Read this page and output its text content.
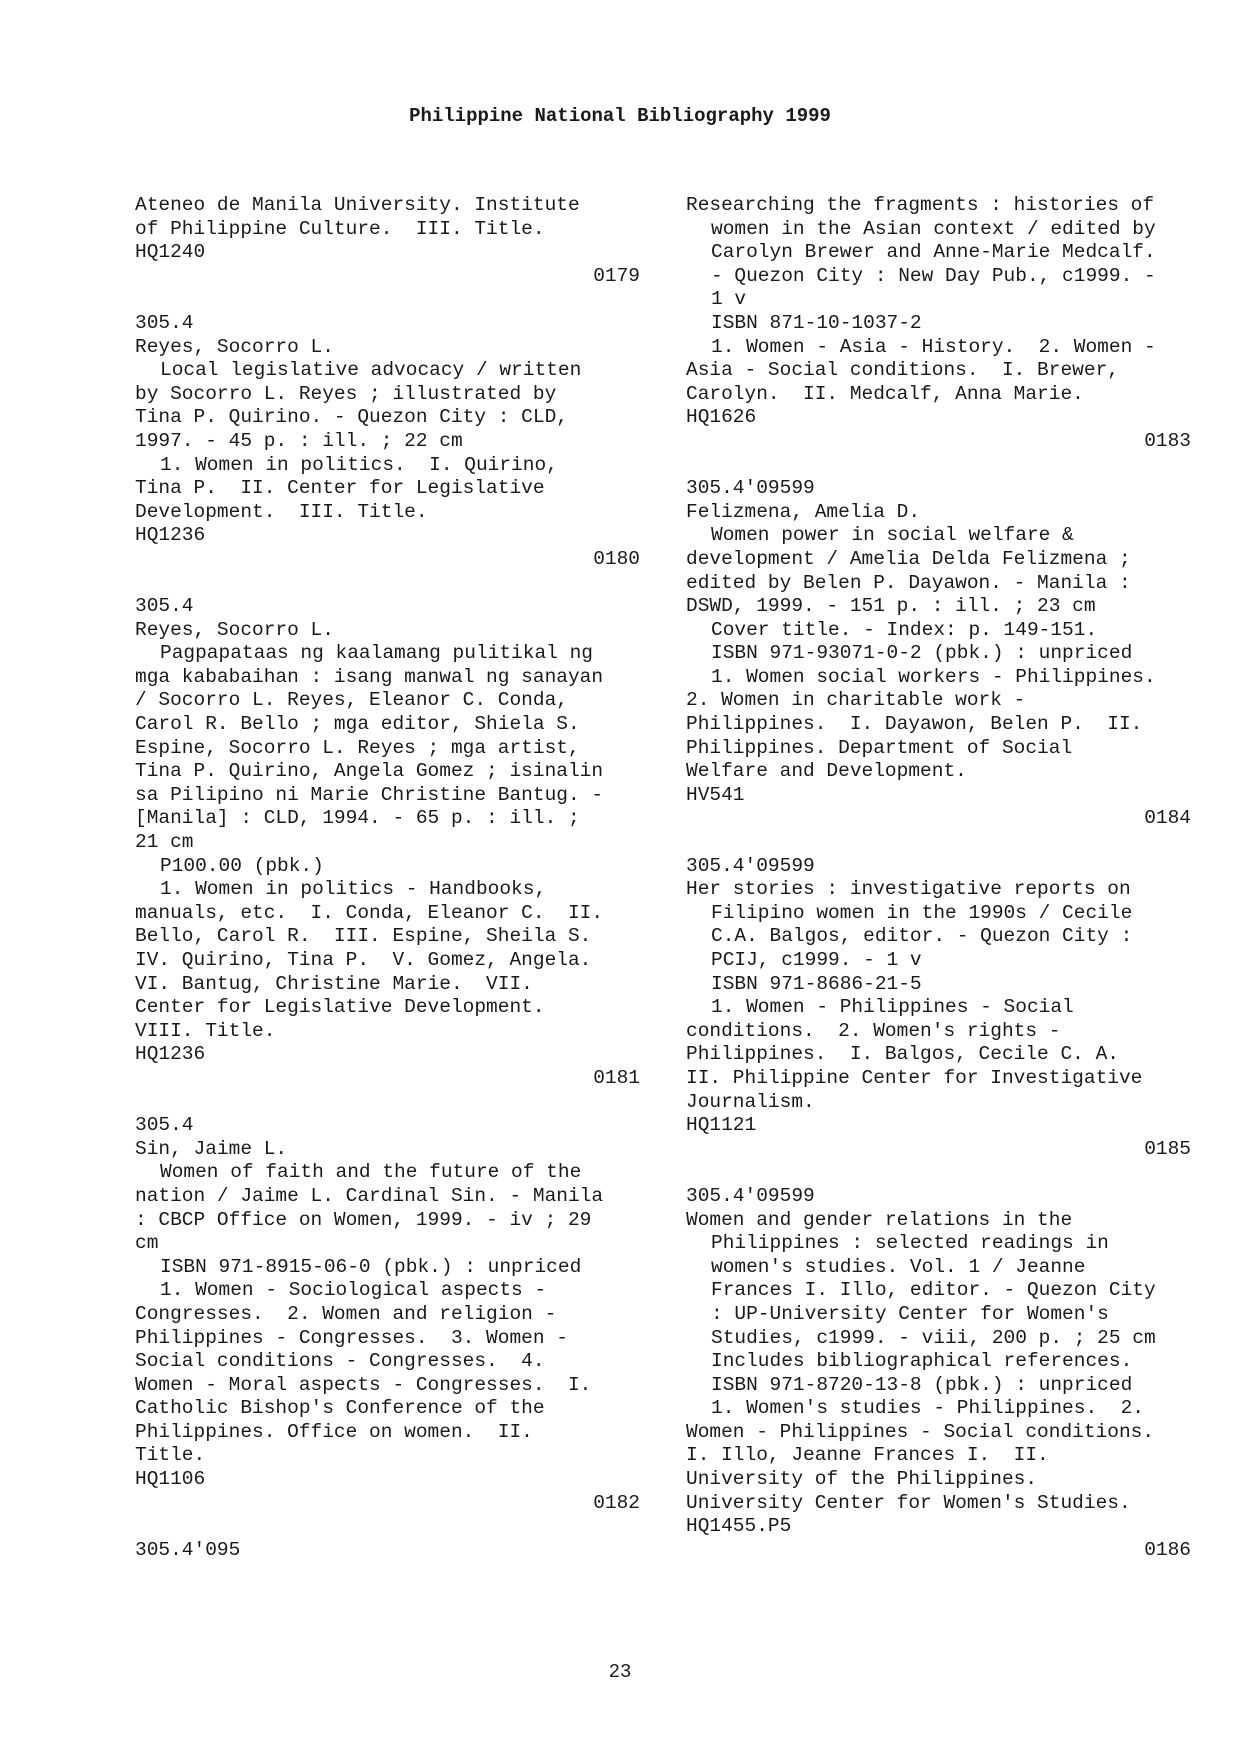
Philippine National Bibliography 1999
Ateneo de Manila University. Institute
of Philippine Culture.  III. Title.
HQ1240
0179
305.4
Reyes, Socorro L.
Local legislative advocacy / written
by Socorro L. Reyes ; illustrated by
Tina P. Quirino. - Quezon City : CLD,
1997. - 45 p. : ill. ; 22 cm
1. Women in politics.  I. Quirino,
Tina P.  II. Center for Legislative
Development.  III. Title.
HQ1236
0180
305.4
Reyes, Socorro L.
Pagpapataas ng kaalamang pulitikal ng
mga kababaihan : isang manwal ng sanayan
/ Socorro L. Reyes, Eleanor C. Conda,
Carol R. Bello ; mga editor, Shiela S.
Espine, Socorro L. Reyes ; mga artist,
Tina P. Quirino, Angela Gomez ; isinalin
sa Pilipino ni Marie Christine Bantug. -
[Manila] : CLD, 1994. - 65 p. : ill. ;
21 cm
P100.00 (pbk.)
1. Women in politics - Handbooks,
manuals, etc.  I. Conda, Eleanor C.  II.
Bello, Carol R.  III. Espine, Sheila S.
IV. Quirino, Tina P.  V. Gomez, Angela.
VI. Bantug, Christine Marie.  VII.
Center for Legislative Development.
VIII. Title.
HQ1236
0181
305.4
Sin, Jaime L.
Women of faith and the future of the
nation / Jaime L. Cardinal Sin. - Manila
: CBCP Office on Women, 1999. - iv ; 29
cm
ISBN 971-8915-06-0 (pbk.) : unpriced
1. Women - Sociological aspects -
Congresses.  2. Women and religion -
Philippines - Congresses.  3. Women -
Social conditions - Congresses.  4.
Women - Moral aspects - Congresses.  I.
Catholic Bishop's Conference of the
Philippines. Office on women.  II.
Title.
HQ1106
0182
305.4'095
Researching the fragments : histories of
women in the Asian context / edited by
Carolyn Brewer and Anne-Marie Medcalf.
- Quezon City : New Day Pub., c1999. -
1 v
ISBN 871-10-1037-2
1. Women - Asia - History.  2. Women -
Asia - Social conditions.  I. Brewer,
Carolyn.  II. Medcalf, Anna Marie.
HQ1626
0183
305.4'09599
Felizmena, Amelia D.
Women power in social welfare &
development / Amelia Delda Felizmena ;
edited by Belen P. Dayawon. - Manila :
DSWD, 1999. - 151 p. : ill. ; 23 cm
Cover title. - Index: p. 149-151.
ISBN 971-93071-0-2 (pbk.) : unpriced
1. Women social workers - Philippines.
2. Women in charitable work -
Philippines.  I. Dayawon, Belen P.  II.
Philippines. Department of Social
Welfare and Development.
HV541
0184
305.4'09599
Her stories : investigative reports on
Filipino women in the 1990s / Cecile
C.A. Balgos, editor. - Quezon City :
PCIJ, c1999. - 1 v
ISBN 971-8686-21-5
1. Women - Philippines - Social
conditions.  2. Women's rights -
Philippines.  I. Balgos, Cecile C. A.
II. Philippine Center for Investigative
Journalism.
HQ1121
0185
305.4'09599
Women and gender relations in the
Philippines : selected readings in
women's studies. Vol. 1 / Jeanne
Frances I. Illo, editor. - Quezon City
: UP-University Center for Women's
Studies, c1999. - viii, 200 p. ; 25 cm
Includes bibliographical references.
ISBN 971-8720-13-8 (pbk.) : unpriced
1. Women's studies - Philippines.  2.
Women - Philippines - Social conditions.
I. Illo, Jeanne Frances I.  II.
University of the Philippines.
University Center for Women's Studies.
HQ1455.P5
0186
23
